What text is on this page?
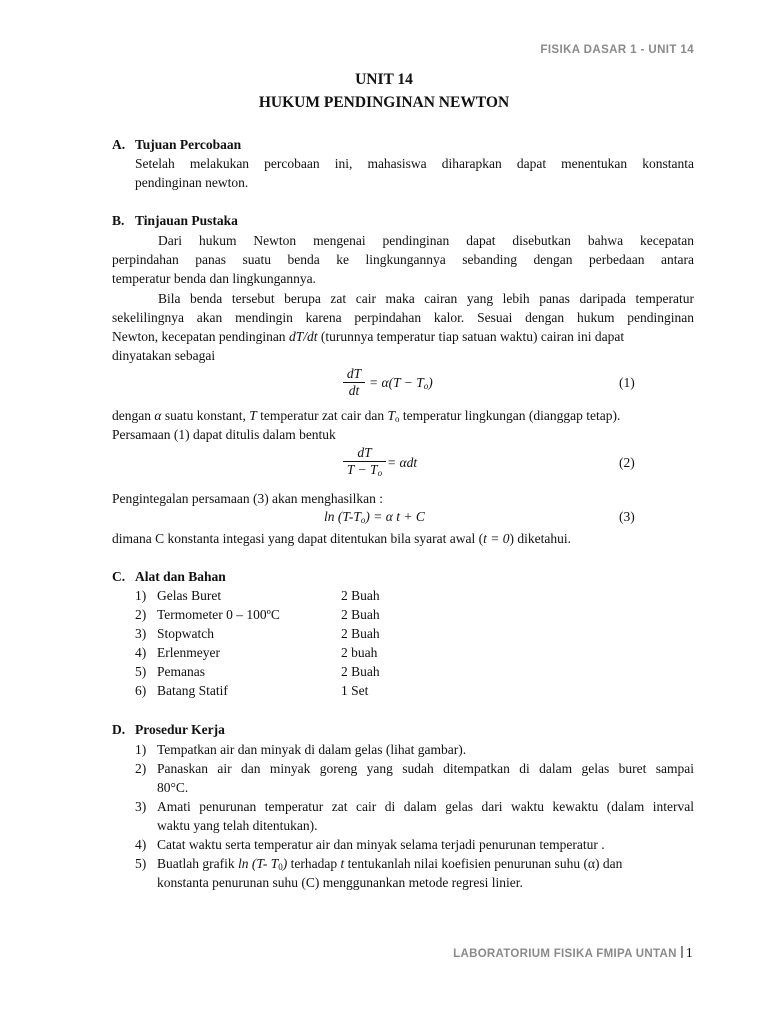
FISIKA DASAR 1 - UNIT 14
UNIT 14
HUKUM PENDINGINAN NEWTON
A. Tujuan Percobaan
Setelah melakukan percobaan ini, mahasiswa diharapkan dapat menentukan konstanta
pendinginan newton.
B. Tinjauan Pustaka
Dari hukum Newton mengenai pendinginan dapat disebutkan bahwa kecepatan
perpindahan panas suatu benda ke lingkungannya sebanding dengan perbedaan antara
temperatur benda dan lingkungannya.
Bila benda tersebut berupa zat cair maka cairan yang lebih panas daripada temperatur
sekelilingnya akan mendingin karena perpindahan kalor. Sesuai dengan hukum pendinginan
Newton, kecepatan pendinginan dT/dt (turunnya temperatur tiap satuan waktu) cairan ini dapat
dinyatakan sebagai
$\frac{dT}{dt} = \alpha(T - T_o)$	(1)
dengan α suatu konstant, T temperatur zat cair dan $T_o$ temperatur lingkungan (dianggap tetap).
Persamaan (1) dapat ditulis dalam bentuk
$\frac{dT}{T - T_o} = \alpha dt$	(2)
Pengintegalan persamaan (3) akan menghasilkan :
$\ln (T-T_o) = \alpha$ t + C	(3)
dimana C konstanta integasi yang dapat ditentukan bila syarat awal (t = 0) diketahui.
C. Alat dan Bahan
1) Gelas Buret	2 Buah
2) Termometer 0 – 100ºC	2 Buah
3) Stopwatch	2 Buah
4) Erlenmeyer	2 buah
5) Pemanas	2 Buah
6) Batang Statif	1 Set
D. Prosedur Kerja
1) Tempatkan air dan minyak di dalam gelas (lihat gambar).
2) Panaskan air dan minyak goreng yang sudah ditempatkan di dalam gelas buret sampai
80°C.
3) Amati penurunan temperatur zat cair di dalam gelas dari waktu kewaktu (dalam interval
waktu yang telah ditentukan).
4) Catat waktu serta temperatur air dan minyak selama terjadi penurunan temperatur .
5) Buatlah grafik ln (T- $T_0$) terhadap t tentukanlah nilai koefisien penurunan suhu (α) dan
konstanta penurunan suhu (C) menggunankan metode regresi linier.
LABORATORIUM FISIKA FMIPA UNTAN 1
